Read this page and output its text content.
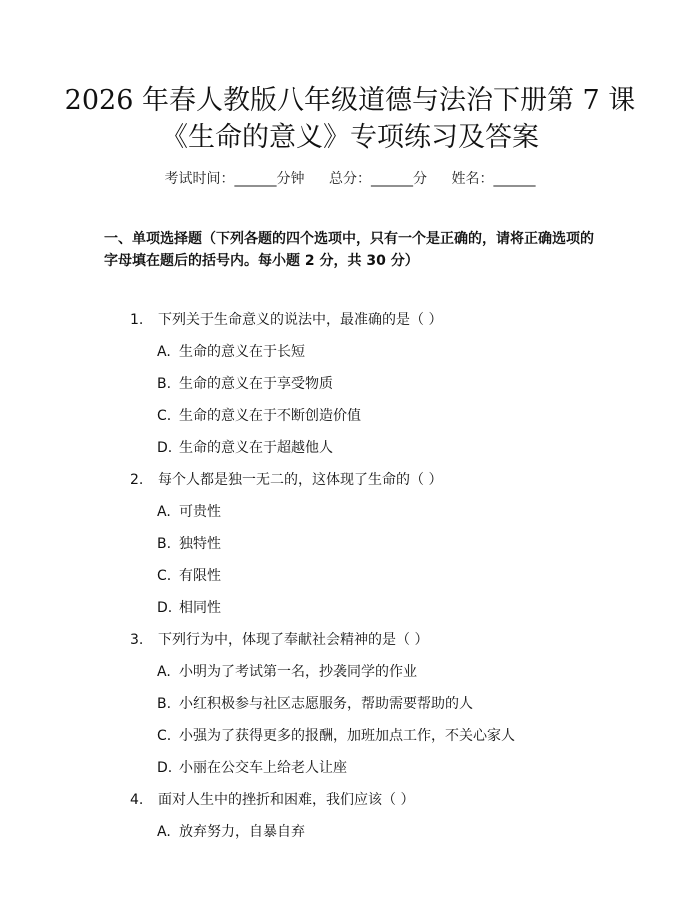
2026 年春人教版八年级道德与法治下册第 7 课《生命的意义》专项练习及答案
考试时间：______分钟 总分：______分 姓名：______
一、单项选择题（下列各题的四个选项中，只有一个是正确的，请将正确选项的字母填在题后的括号内。每小题 2 分，共 30 分）
1. 下列关于生命意义的说法中，最准确的是（ ）
A. 生命的意义在于长短
B. 生命的意义在于享受物质
C. 生命的意义在于不断创造价值
D. 生命的意义在于超越他人
2. 每个人都是独一无二的，这体现了生命的（ ）
A. 可贵性
B. 独特性
C. 有限性
D. 相同性
3. 下列行为中，体现了奉献社会精神的是（ ）
A. 小明为了考试第一名，抄袭同学的作业
B. 小红积极参与社区志愿服务，帮助需要帮助的人
C. 小强为了获得更多的报酬，加班加点工作，不关心家人
D. 小丽在公交车上给老人让座
4. 面对人生中的挫折和困难，我们应该（ ）
A. 放弃努力，自暴自弃
